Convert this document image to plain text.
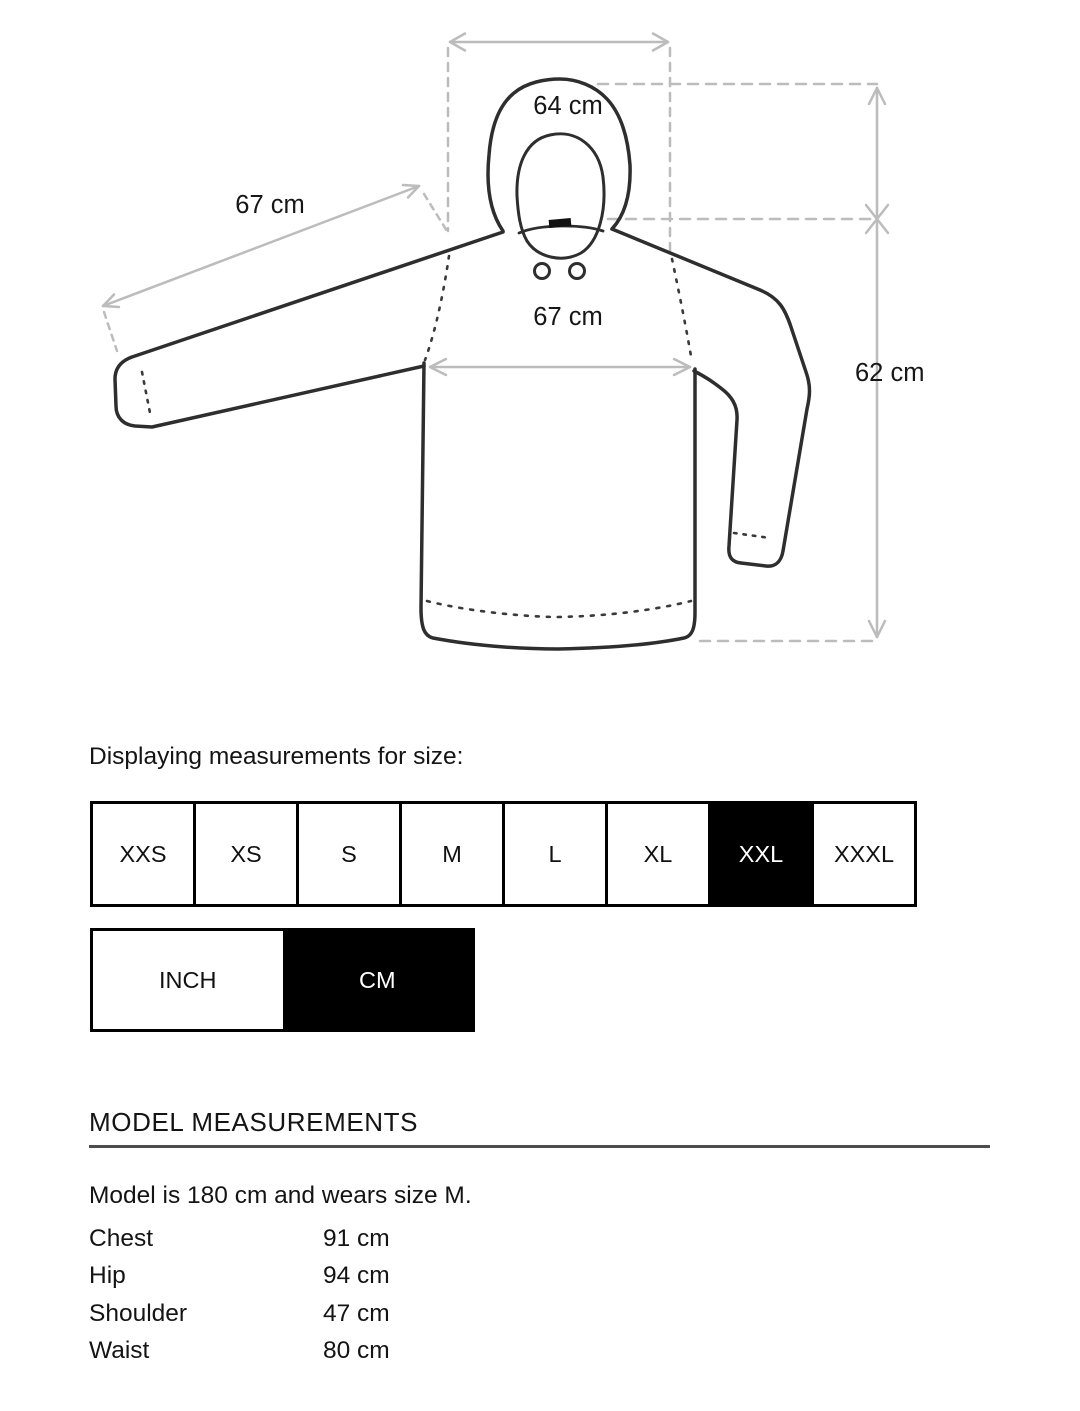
64 cm
67 cm
67 cm
62 cm
Displaying measurements for size:
XXS	XS	S	M	L	XL	XXL	XXXL
INCH	CM
MODEL MEASUREMENTS
Model is 180 cm and wears size M.
Chest	91 cm
Hip	94 cm
Shoulder	47 cm
Waist	80 cm
